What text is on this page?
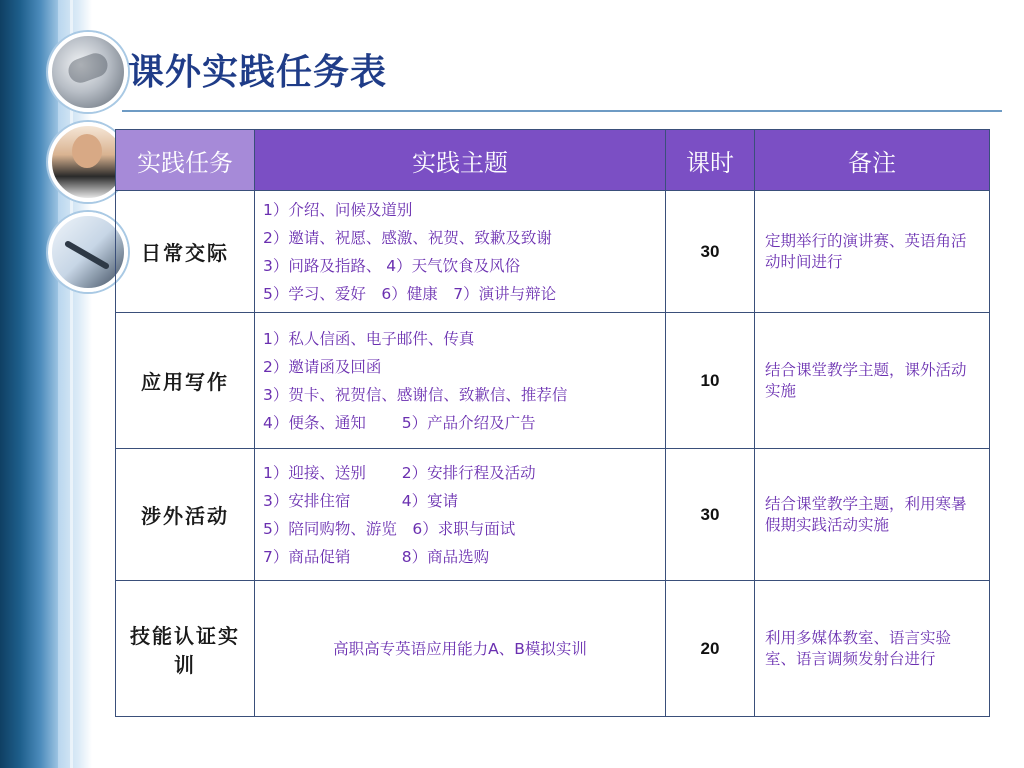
课外实践任务表
实践任务	实践主题	课时	备注
日常交际	1）介绍、问候及道别
2）邀请、祝愿、感激、祝贺、致歉及致谢
3）问路及指路、 4）天气饮食及风俗
5）学习、爱好　6）健康　7）演讲与辩论	30	定期举行的演讲赛、英语角活动时间进行
应用写作	1）私人信函、电子邮件、传真
2）邀请函及回函
3）贺卡、祝贺信、感谢信、致歉信、推荐信
4）便条、通知　　 5）产品介绍及广告	10	结合课堂教学主题，课外活动实施
涉外活动	1）迎接、送别　　 2）安排行程及活动
3）安排住宿　　　 4）宴请
5）陪同购物、游览　6）求职与面试
7）商品促销　　　 8）商品选购	30	结合课堂教学主题，利用寒暑假期实践活动实施
技能认证实训	高职高专英语应用能力A、B模拟实训	20	利用多媒体教室、语言实验室、语言调频发射台进行
